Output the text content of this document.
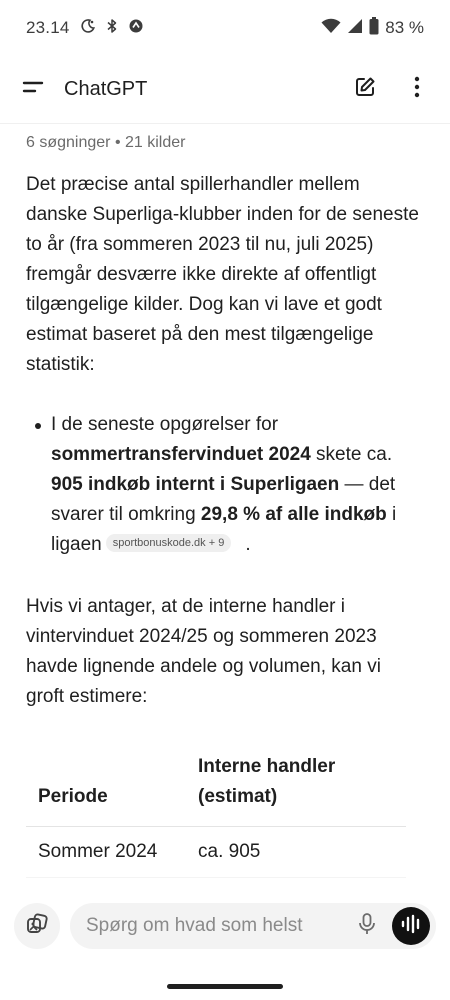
23.14	83 %
ChatGPT
6 søgninger • 21 kilder

Det præcise antal spillerhandler mellem danske Superliga-klubber inden for de seneste to år (fra sommeren 2023 til nu, juli 2025) fremgår desværre ikke direkte af offentligt tilgængelige kilder. Dog kan vi lave et godt estimat baseret på den mest tilgængelige statistik:

I de seneste opgørelser for sommertransfervinduet 2024 skete ca. 905 indkøb internt i Superligaen — det svarer til omkring 29,8 % af alle indkøb i ligaen sportbonuskode.dk + 9 .

Hvis vi antager, at de interne handler i vintervinduet 2024/25 og sommeren 2023 havde lignende andele og volumen, kan vi groft estimere:

Periode	Interne handler (estimat)
Sommer 2024	ca. 905

Spørg om hvad som helst
